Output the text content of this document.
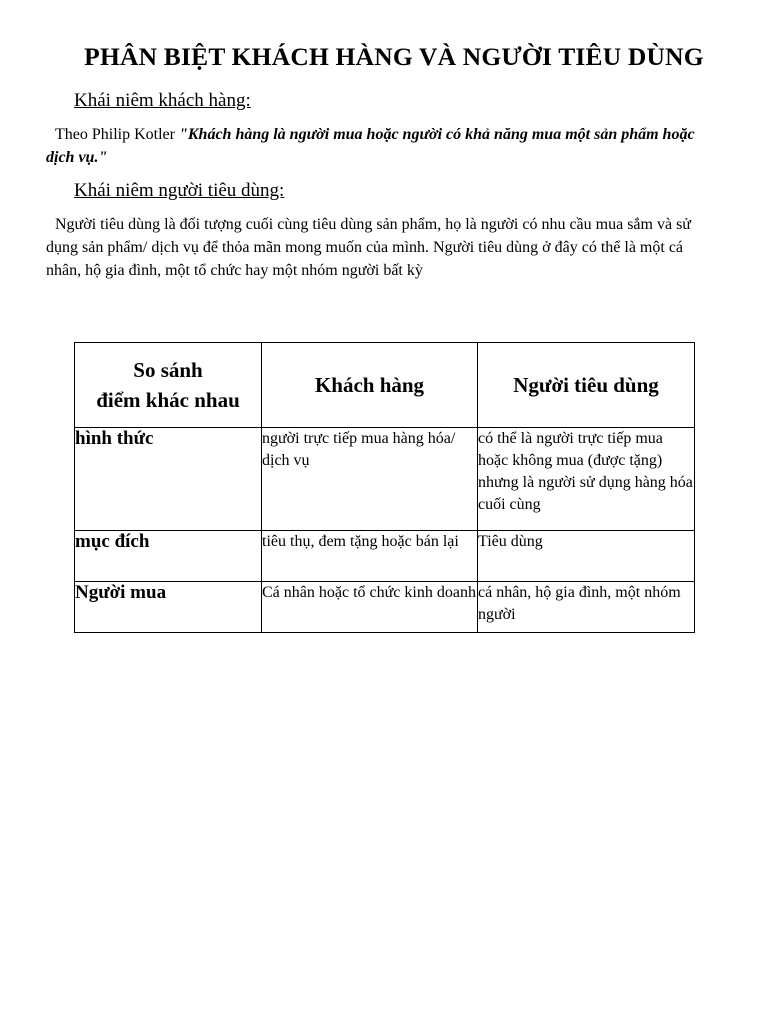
PHÂN BIỆT KHÁCH HÀNG VÀ NGƯỜI TIÊU DÙNG
Khái niêm khách hàng:
Theo Philip Kotler "Khách hàng là người mua hoặc người có khả năng mua một sản phẩm hoặc dịch vụ."
Khái niêm người tiêu dùng:
Người tiêu dùng là đối tượng cuối cùng tiêu dùng sản phẩm, họ là người có nhu cầu mua sắm và sử dụng sản phẩm/ dịch vụ để thỏa mãn mong muốn của mình. Người tiêu dùng ở đây có thể là một cá nhân, hộ gia đình, một tổ chức hay một nhóm người bất kỳ
So sánh
điểm khác nhau	Khách hàng	Người tiêu dùng
hình thức	người trực tiếp mua hàng hóa/ dịch vụ	có thể là người trực tiếp mua hoặc không mua (được tặng) nhưng là người sử dụng hàng hóa cuối cùng
mục đích	tiêu thụ, đem tặng hoặc bán lại	Tiêu dùng
Người mua	Cá nhân hoặc tổ chức kinh doanh	cá nhân, hộ gia đình, một nhóm người
